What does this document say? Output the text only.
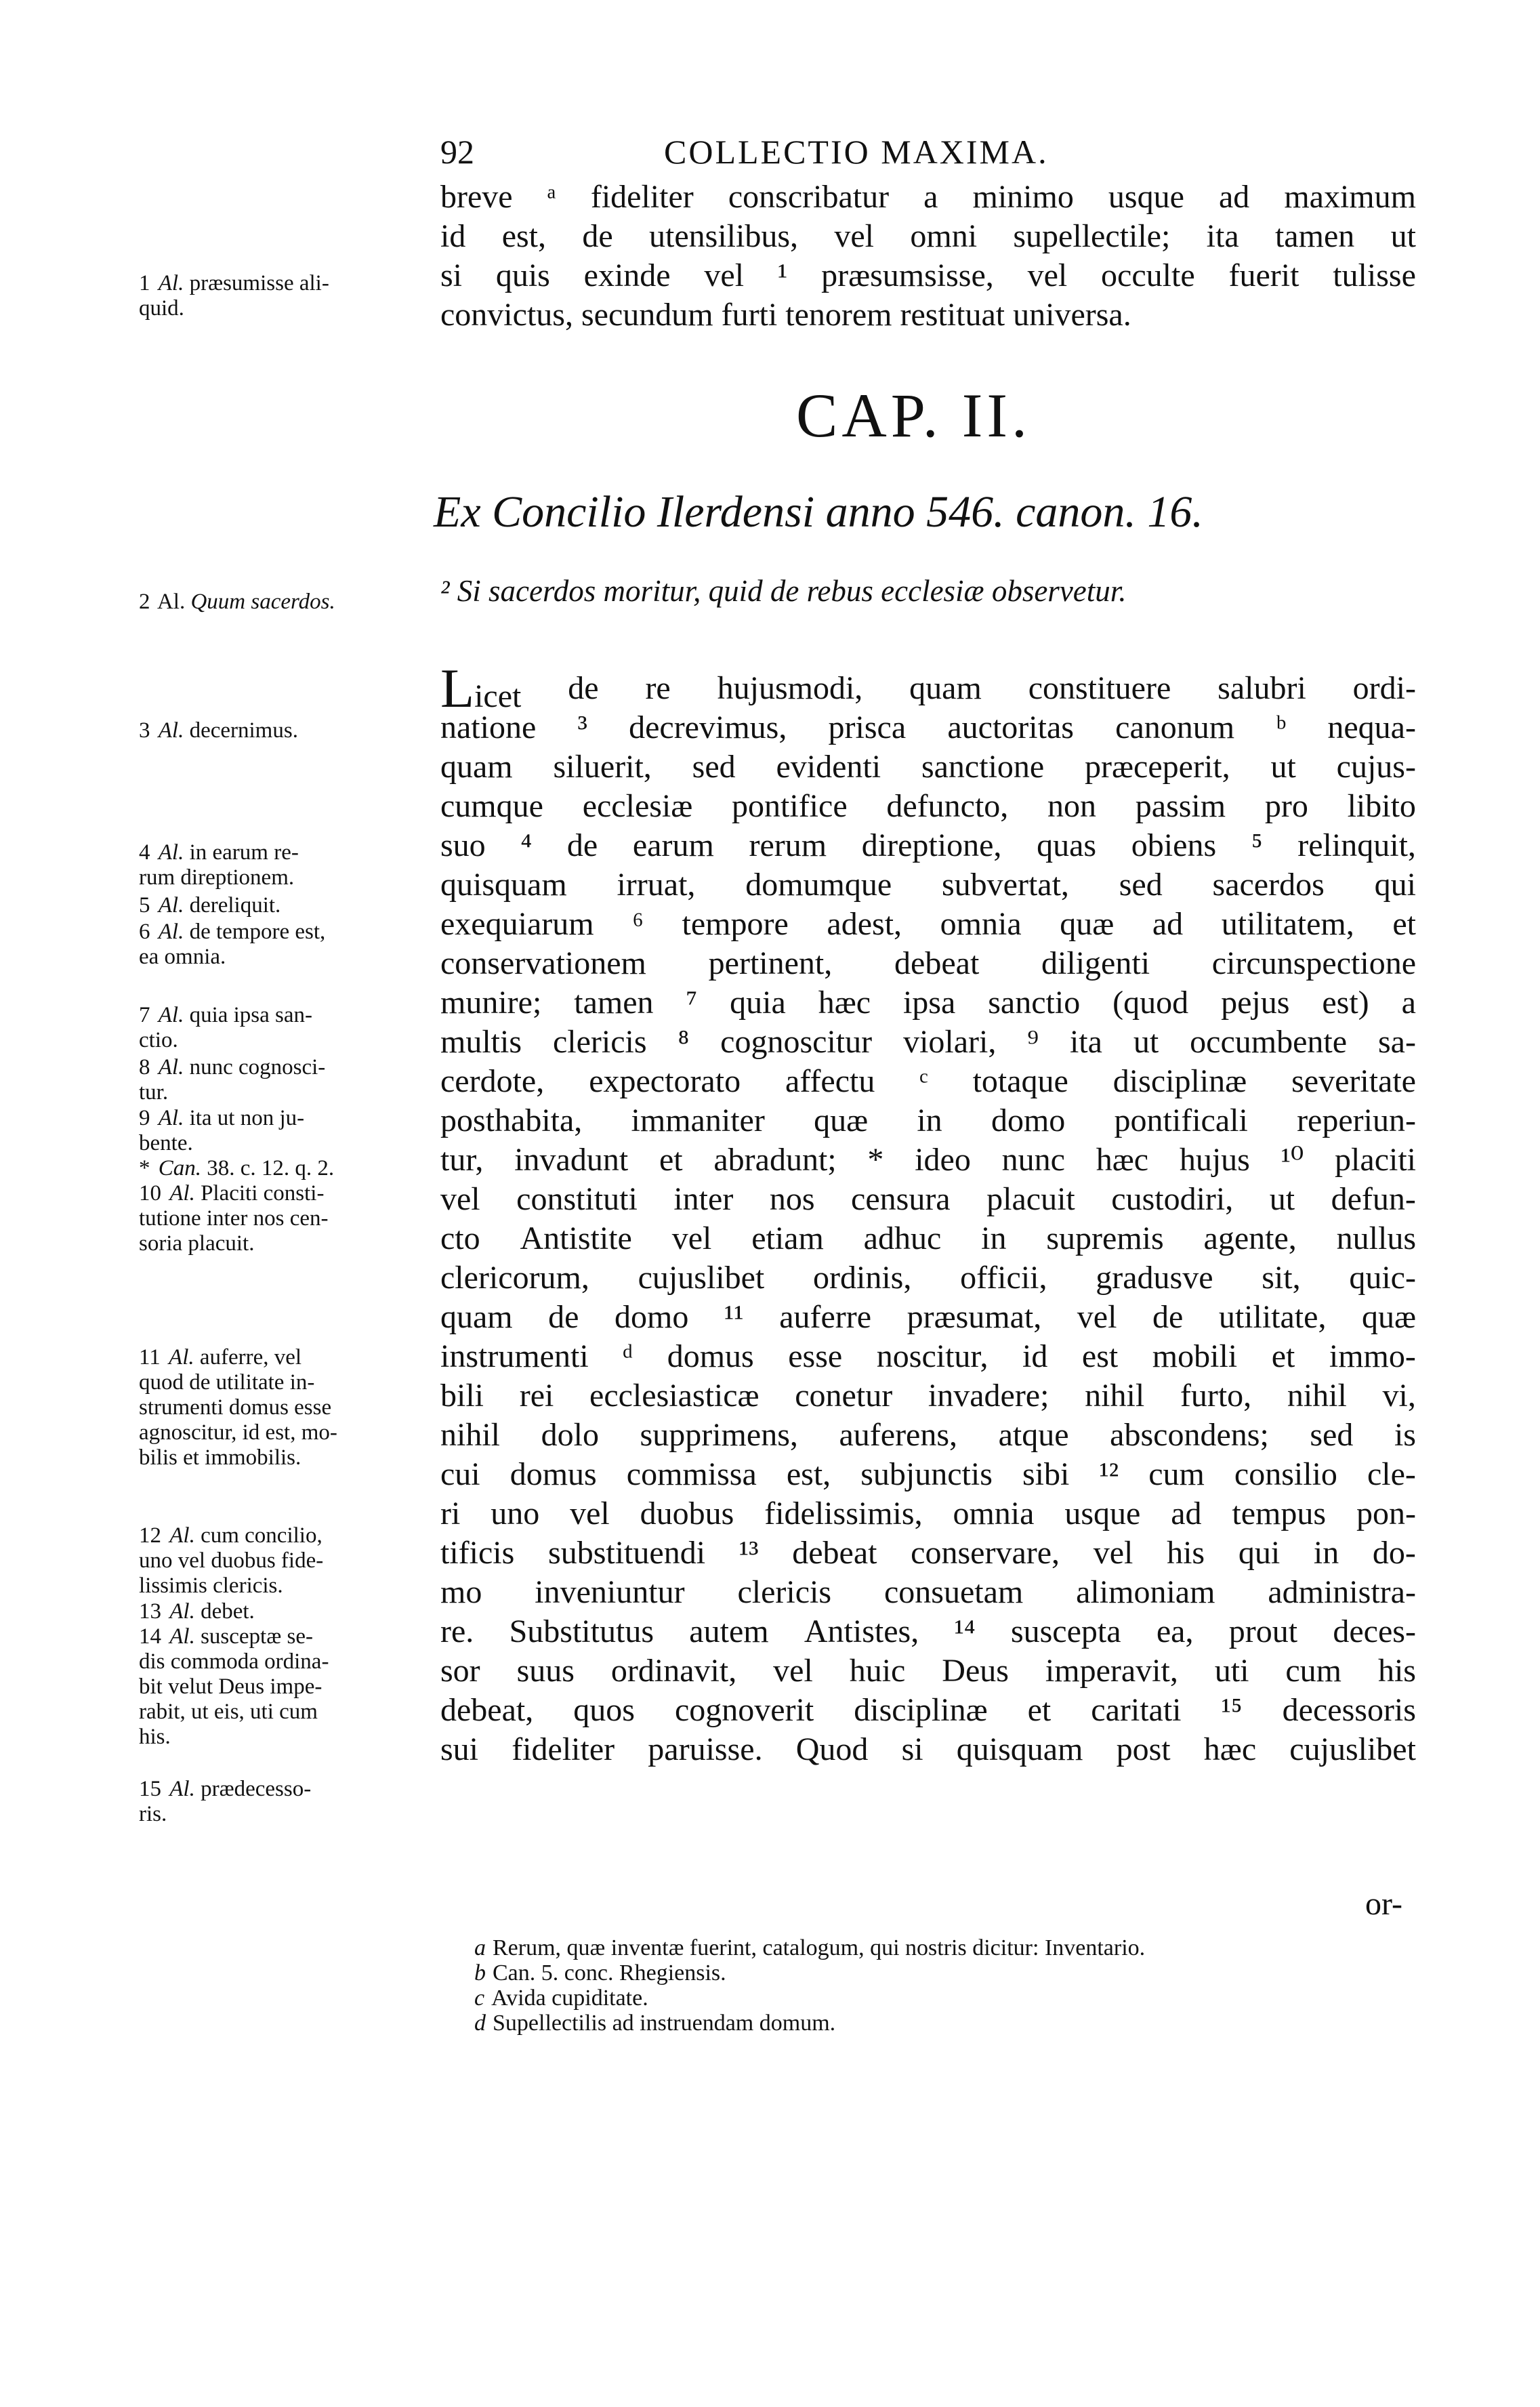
92	COLLECTIO MAXIMA.
breve ᵃ fideliter conscribatur a minimo usque ad maximum
id est, de utensilibus, vel omni supellectile; ita tamen ut
si quis exinde vel ¹ præsumsisse, vel occulte fuerit tulisse
convictus, secundum furti tenorem restituat universa.
CAP. II.
Ex Concilio Ilerdensi anno 546. canon. 16.
² Si sacerdos moritur, quid de rebus ecclesiæ observetur.
Licet de re hujusmodi, quam constituere salubri ordi-
natione ³ decrevimus, prisca auctoritas canonum ᵇ nequa-
quam siluerit, sed evidenti sanctione præceperit, ut cujus-
cumque ecclesiæ pontifice defuncto, non passim pro libito
suo ⁴ de earum rerum direptione, quas obiens ⁵ relinquit,
quisquam irruat, domumque subvertat, sed sacerdos qui
exequiarum ⁶ tempore adest, omnia quæ ad utilitatem, et
conservationem pertinent, debeat diligenti circunspectione
munire; tamen ⁷ quia hæc ipsa sanctio (quod pejus est) a
multis clericis ⁸ cognoscitur violari, ⁹ ita ut occumbente sa-
cerdote, expectorato affectu ᶜ totaque disciplinæ severitate
posthabita, immaniter quæ in domo pontificali reperiun-
tur, invadunt et abradunt; * ideo nunc hæc hujus ¹⁰ placiti
vel constituti inter nos censura placuit custodiri, ut defun-
cto Antistite vel etiam adhuc in supremis agente, nullus
clericorum, cujuslibet ordinis, officii, gradusve sit, quic-
quam de domo ¹¹ auferre præsumat, vel de utilitate, quæ
instrumenti ᵈ domus esse noscitur, id est mobili et immo-
bili rei ecclesiasticæ conetur invadere; nihil furto, nihil vi,
nihil dolo supprimens, auferens, atque abscondens; sed is
cui domus commissa est, subjunctis sibi ¹² cum consilio cle-
ri uno vel duobus fidelissimis, omnia usque ad tempus pon-
tificis substituendi ¹³ debeat conservare, vel his qui in do-
mo inveniuntur clericis consuetam alimoniam administra-
re. Substitutus autem Antistes, ¹⁴ suscepta ea, prout deces-
sor suus ordinavit, vel huic Deus imperavit, uti cum his
debeat, quos cognoverit disciplinæ et caritati ¹⁵ decessoris
sui fideliter paruisse. Quod si quisquam post hæc cujuslibet
or-
1 Al. præsumisse ali-
quid.
2 Al. Quum sacerdos.
3 Al. decernimus.
4 Al. in earum re-
rum direptionem.
5 Al. dereliquit.
6 Al. de tempore est,
ea omnia.
7 Al. quia ipsa san-
ctio.
8 Al. nunc cognosci-
tur.
9 Al. ita ut non ju-
bente.
* Can. 38. c. 12. q. 2.
10 Al. Placiti consti-
tutione inter nos cen-
soria placuit.
11 Al. auferre, vel
quod de utilitate in-
strumenti domus esse
agnoscitur, id est, mo-
bilis et immobilis.
12 Al. cum concilio,
uno vel duobus fide-
lissimis clericis.
13 Al. debet.
14 Al. susceptæ se-
dis commoda ordina-
bit velut Deus impe-
rabit, ut eis, uti cum
his.
15 Al. prædecesso-
ris.
a Rerum, quæ inventæ fuerint, catalogum, qui nostris dicitur: Inventario.
b Can. 5. conc. Rhegiensis.
c Avida cupiditate.
d Supellectilis ad instruendam domum.
